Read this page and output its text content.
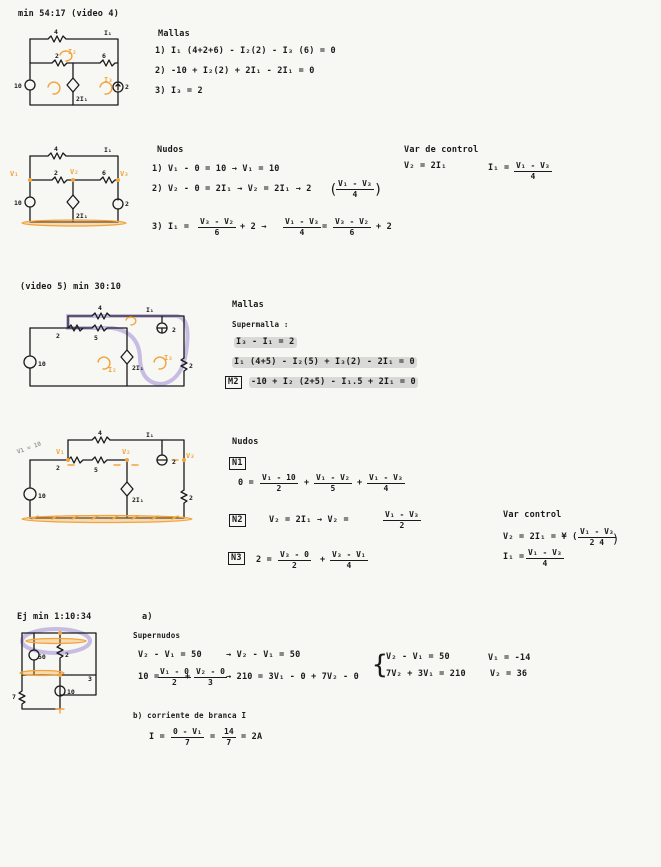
min 54:17 (video 4)
4	I₁
2	6
I₂
I₃
10
2I₁
2
Mallas
1) I₁ (4+2+6) - I₂(2) - I₃ (6) = 0
2) -10 + I₂(2) + 2I₁ - 2I₁ = 0
3) I₃ = 2
V₁	V₂	V₃
4	I₁
2	6
10
2I₁
2
Nudos
1) V₁ - 0 = 10 → V₁ = 10
2) V₂ - 0 = 2I₁ → V₂ = 2I₁ → 2 (
$\frac{\text{V₁ - V₃}}{4}$ )
3) $I_1 = \frac{\text{V₃ - V₂}}{6} + 2 \to \frac{\text{V₁ - V₃}}{4} = \frac{\text{V₃ - V₂}}{6} + 2$
Var de control
V₂ = 2I₁	$I_1 = \frac{\text{V₁ - V₃}}{4}$
(video 5) min 30:10
4	I₁
2	5
I₂
I₃
10	2I₁
2
2
Mallas
Supermalla :
I₃ - I₁ = 2
I₁ (4+5) - I₂(5) + I₃(2) - 2I₁ = 0
M2	-10 + I₂ (2+5) - I₁.5 + 2I₁ = 0
V₁	V₂	V₃
4	I₁
2	5
10	2I₁
2
2
V1 = 10	Nudos
N1
$0 = \frac{\text{V₁ - 10}}{2} + \frac{\text{V₁ - V₂}}{5} + \frac{\text{V₁ - V₃}}{4}$
N2	V₂ = 2I₁ → V₂ =	$\frac{\text{V₁ - V₃}}{2}$
N3	$2 = \frac{\text{V₃ - 0}}{2} + \frac{\text{V₃ - V₁}}{4}$
Var control
V₂ = 2I₁ = ¥ ( $\frac{\text{V₁ - V₃}}{2 4}$
)
$I_1 = \frac{\text{V₁ - V₃}}{4}$
Ej min 1:10:34
50	2
3
7
10
a)
Supernudos
V₂ - V₁ = 50	→ V₂ - V₁ = 50
10 =
$\frac{\text{V₁ - 0}}{2}$
+ $\frac{\text{V₂ - 0}}{3} \to 210 = 3V_1 - 0 + 7V_2 - 0$ {
V₂ - V₁ = 50
7V₂ + 3V₁ = 210
V₁ = -14
V₂ = 36
b) corriente de branca I
$I = \frac{\text{0 - V₁}}{7} = \frac{14}{7} = 2A$
